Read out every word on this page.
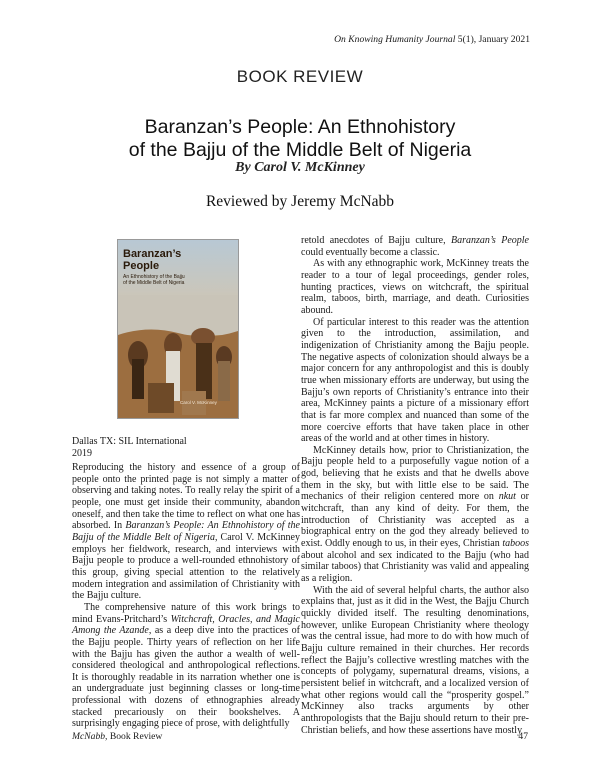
On Knowing Humanity Journal 5(1), January 2021
BOOK REVIEW
Baranzan’s People: An Ethnohistory
of the Bajju of the Middle Belt of Nigeria
By Carol V. McKinney
Reviewed by Jeremy McNabb
Baranzan’s
People
An Ethnohistory of the Bajju
of the Middle Belt of Nigeria
Carol V. McKinney
Dallas TX: SIL International
2019

Reproducing the history and essence of a group of people onto the printed page is not simply a matter of observing and taking notes. To really relay the spirit of a people, one must get inside their community, abandon oneself, and then take the time to reflect on what one has absorbed. In Baranzan’s People: An Ethnohistory of the Bajju of the Middle Belt of Nigeria, Carol V. McKinney employs her fieldwork, research, and interviews with Bajju people to produce a well-rounded ethnohistory of this group, giving special attention to the relatively modern integration and assimilation of Christianity with the Bajju culture.

The comprehensive nature of this work brings to mind Evans-Pritchard’s Witchcraft, Oracles, and Magic Among the Azande, as a deep dive into the practices of the Bajju people. Thirty years of reflection on her life with the Bajju has given the author a wealth of well-considered theological and anthropological reflections. It is thoroughly readable in its narration whether one is an undergraduate just beginning classes or long-time professional with dozens of ethnographies already stacked precariously on their bookshelves. A surprisingly engaging piece of prose, with delightfully

retold anecdotes of Bajju culture, Baranzan’s People could eventually become a classic.

As with any ethnographic work, McKinney treats the reader to a tour of legal proceedings, gender roles, hunting practices, views on witchcraft, the spiritual realm, taboos, birth, marriage, and death. Curiosities abound.

Of particular interest to this reader was the attention given to the introduction, assimilation, and indigenization of Christianity among the Bajju people. The negative aspects of colonization should always be a major concern for any anthropologist and this is doubly true when missionary efforts are underway, but using the Bajju’s own reports of Christianity’s entrance into their area, McKinney paints a picture of a missionary effort that is far more complex and nuanced than some of the more coercive efforts that have taken place in other areas of the world and at other times in history.

McKinney details how, prior to Christianization, the Bajju people held to a purposefully vague notion of a god, believing that he exists and that he dwells above them in the sky, but with little else to be said. The mechanics of their religion centered more on nkut or witchcraft, than any kind of deity. For them, the introduction of Christianity was accepted as a biographical entry on the god they already believed to exist. Oddly enough to us, in their eyes, Christian taboos about alcohol and sex indicated to the Bajju (who had similar taboos) that Christianity was valid and appealing as a religion.

With the aid of several helpful charts, the author also explains that, just as it did in the West, the Bajju Church quickly divided itself. The resulting denominations, however, unlike European Christianity where theology was the central issue, had more to do with how much of Bajju culture remained in their churches. Her records reflect the Bajju’s collective wrestling matches with the concepts of polygamy, supernatural dreams, visions, a persistent belief in witchcraft, and a localized version of what other regions would call the “prosperity gospel.” McKinney also tracks arguments by other anthropologists that the Bajju should return to their pre-Christian beliefs, and how these assertions have mostly

McNabb, Book Review	47
